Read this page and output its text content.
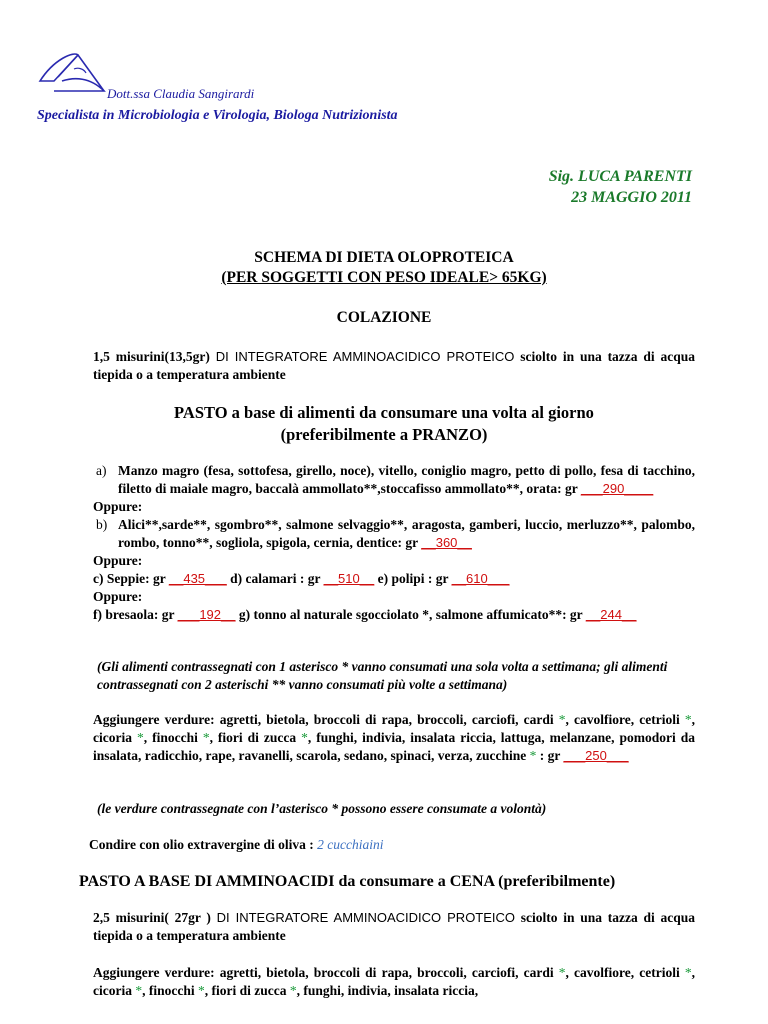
Dott.ssa Claudia Sangirardi
Specialista in Microbiologia e Virologia, Biologa Nutrizionista
Sig. LUCA PARENTI
23 MAGGIO 2011
SCHEMA DI DIETA OLOPROTEICA
(PER SOGGETTI CON PESO IDEALE> 65KG)
COLAZIONE
1,5 misurini(13,5gr) DI INTEGRATORE AMMINOACIDICO PROTEICO sciolto in una tazza di acqua tiepida o a temperatura ambiente
PASTO a base di alimenti da consumare una volta al giorno
(preferibilmente a PRANZO)
a) Manzo magro (fesa, sottofesa, girello, noce), vitello, coniglio magro, petto di pollo, fesa di tacchino, filetto di maiale magro, baccalà ammollato**,stoccafisso ammollato**, orata: gr ___290____
Oppure:
b) Alici**,sarde**, sgombro**, salmone selvaggio**, aragosta, gamberi, luccio, merluzzo**, palombo, rombo, tonno**, sogliola, spigola, cernia, dentice: gr __360__
Oppure:
c) Seppie: gr __435___ d) calamari : gr __510__ e) polipi : gr __610___
Oppure:
f) bresaola: gr ___192__ g) tonno al naturale sgocciolato *, salmone affumicato**: gr __244__
(Gli alimenti contrassegnati con 1 asterisco * vanno consumati una sola volta a settimana; gli alimenti contrassegnati con 2 asterischi ** vanno consumati più volte a settimana)
Aggiungere verdure: agretti, bietola, broccoli di rapa, broccoli, carciofi, cardi *, cavolfiore, cetrioli *, cicoria *, finocchi *, fiori di zucca *, funghi, indivia, insalata riccia, lattuga, melanzane, pomodori da insalata, radicchio, rape, ravanelli, scarola, sedano, spinaci, verza, zucchine * : gr ___250___
(le verdure contrassegnate con l’asterisco * possono essere consumate a volontà)
Condire con olio extravergine di oliva : 2 cucchiaini
PASTO A BASE DI AMMINOACIDI da consumare a CENA (preferibilmente)
2,5 misurini( 27gr ) DI INTEGRATORE AMMINOACIDICO PROTEICO sciolto in una tazza di acqua tiepida o a temperatura ambiente
Aggiungere verdure: agretti, bietola, broccoli di rapa, broccoli, carciofi, cardi *, cavolfiore, cetrioli *, cicoria *, finocchi *, fiori di zucca *, funghi, indivia, insalata riccia,
